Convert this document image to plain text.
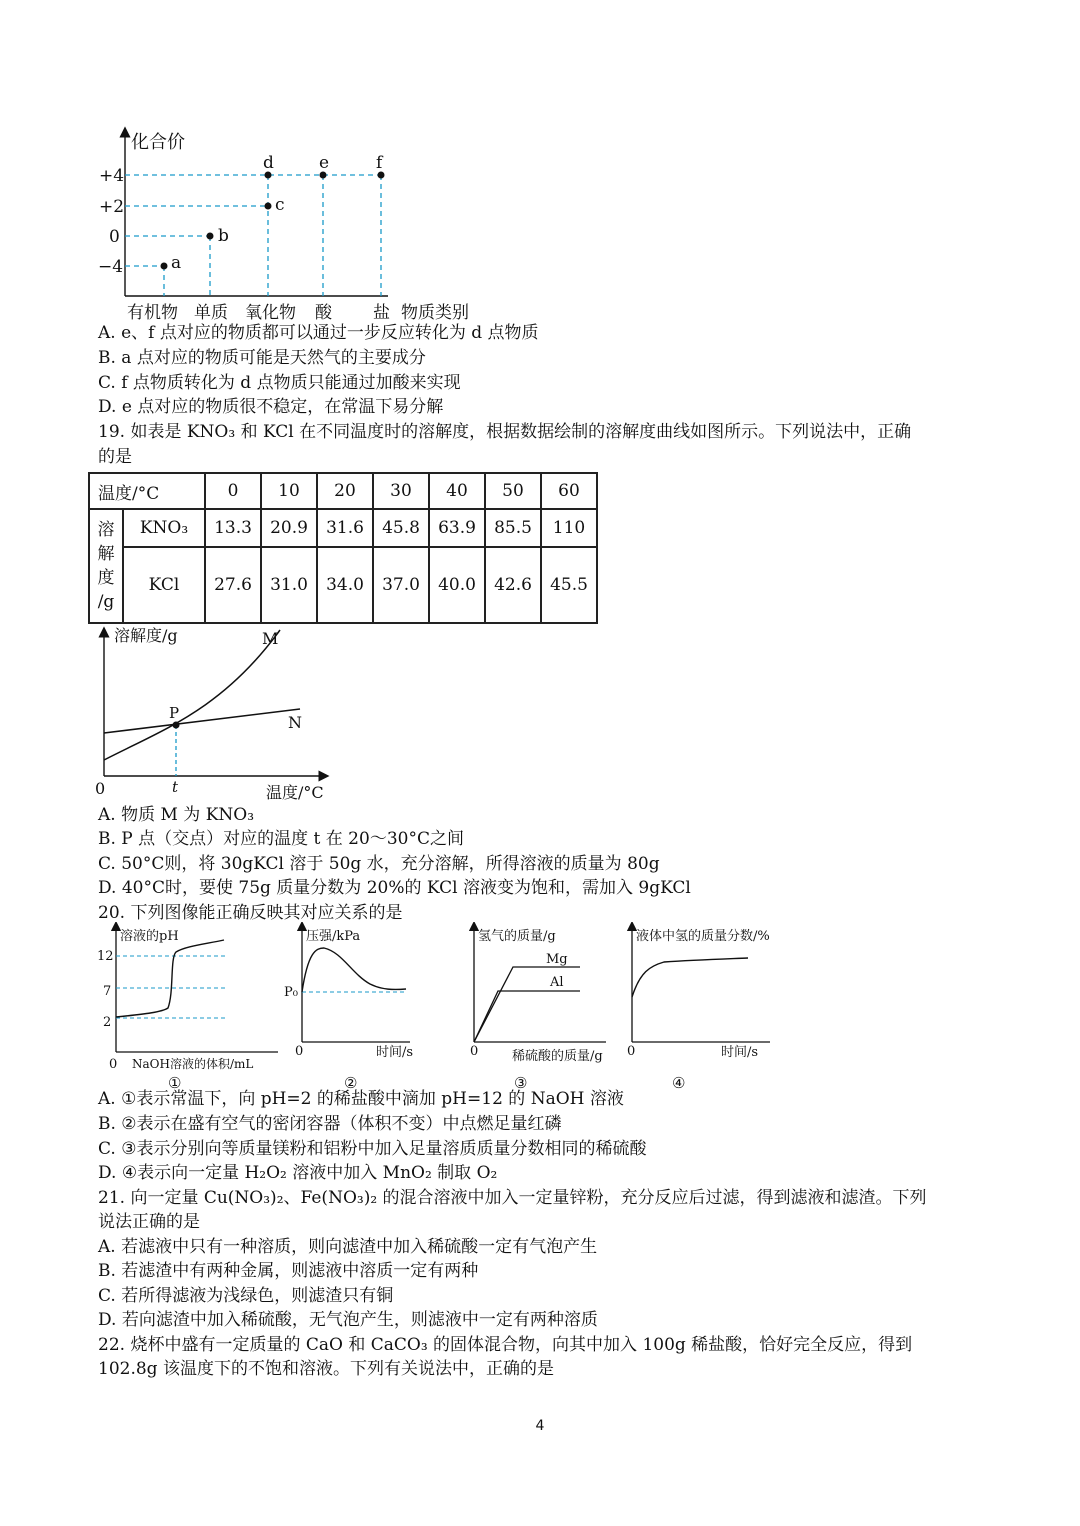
化合价
+4
+2
0
−4	a
b
c
d	e	f
有机物 单质 氧化物 酸 盐 物质类别
A. e、f 点对应的物质都可以通过一步反应转化为 d 点物质
B. a 点对应的物质可能是天然气的主要成分
C. f 点物质转化为 d 点物质只能通过加酸来实现
D. e 点对应的物质很不稳定，在常温下易分解
19. 如表是 KNO₃ 和 KCl 在不同温度时的溶解度，根据数据绘制的溶解度曲线如图所示。下列说法中，正确
的是
温度/°C		0	10	20	30	40	50	60

溶
解
度
/g	KNO₃	13.3	20.9	31.6	45.8	63.9	85.5	110
	KCl	27.6	31.0	34.0	37.0	40.0	42.6	45.5
溶解度/g
0	t	温度/°C
P
M
N
A. 物质 M 为 KNO₃
B. P 点（交点）对应的温度 t 在 20～30°C之间
C. 50°C则，将 30gKCl 溶于 50g 水，充分溶解，所得溶液的质量为 80g
D. 40°C时，要使 75g 质量分数为 20%的 KCl 溶液变为饱和，需加入 9gKCl
20. 下列图像能正确反映其对应关系的是
溶液的pH
12
7
2
0 NaOH溶液的体积/mL
①
压强/kPa
P₀
0	时间/s
②
氢气的质量/g
Mg
Al
0	稀硫酸的质量/g
③
液体中氢的质量分数/%
0	时间/s
④
A. ①表示常温下，向 pH=2 的稀盐酸中滴加 pH=12 的 NaOH 溶液
B. ②表示在盛有空气的密闭容器（体积不变）中点燃足量红磷
C. ③表示分别向等质量镁粉和铝粉中加入足量溶质质量分数相同的稀硫酸
D. ④表示向一定量 H₂O₂ 溶液中加入 MnO₂ 制取 O₂
21. 向一定量 Cu(NO₃)₂、Fe(NO₃)₂ 的混合溶液中加入一定量锌粉，充分反应后过滤，得到滤液和滤渣。下列
说法正确的是
A. 若滤液中只有一种溶质，则向滤渣中加入稀硫酸一定有气泡产生
B. 若滤渣中有两种金属，则滤液中溶质一定有两种
C. 若所得滤液为浅绿色，则滤渣只有铜
D. 若向滤渣中加入稀硫酸，无气泡产生，则滤液中一定有两种溶质
22. 烧杯中盛有一定质量的 CaO 和 CaCO₃ 的固体混合物，向其中加入 100g 稀盐酸，恰好完全反应，得到
102.8g 该温度下的不饱和溶液。下列有关说法中，正确的是
4
